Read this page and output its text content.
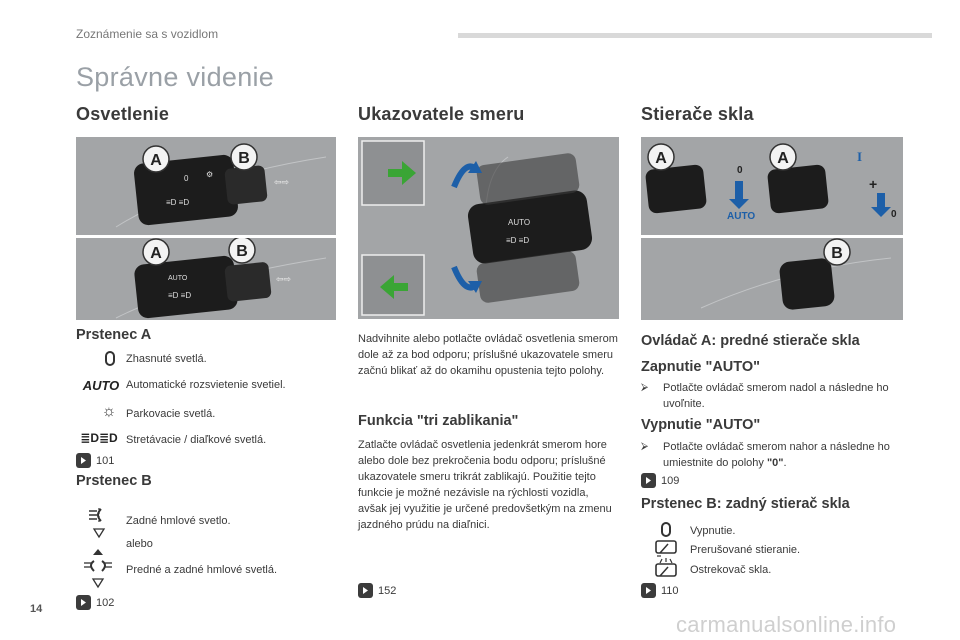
Zoznámenie sa s vozidlom
Správne videnie
Osvetlenie	Ukazovatele smeru	Stierače skla
0 ⚙
≡D ≡D
⇦⇨
A	B
AUTO
≡D ≡D
⇦⇨
A	B
Prstenec A
Zhasnuté svetlá.
AUTO Automatické rozsvietenie svetiel.
☼ Parkovacie svetlá.
≣D≣D Stretávacie / diaľkové svetlá.
101
Prstenec B
Zadné hmlové svetlo.
alebo
Predné a zadné hmlové svetlá.
102
AUTO
≡D ≡D
Nadvihnite alebo potlačte ovládač osvetlenia smerom dole až za bod odporu; príslušné ukazovatele smeru začnú blikať až do okamihu opustenia tejto polohy.
Funkcia "tri zablikania"
Zatlačte ovládač osvetlenia jedenkrát smerom hore alebo dole bez prekročenia bodu odporu; príslušné ukazovatele smeru trikrát zablikajú. Použitie tejto funkcie je možné nezávisle na rýchlosti vozidla, avšak jej využitie je určené predovšetkým na zmenu jazdného prúdu na diaľnici.
152
A	A
0
AUTO
I
+
0
B
Ovládač A: predné stierače skla
Zapnutie "AUTO"
⮚ Potlačte ovládač smerom nadol a následne ho uvoľnite.
Vypnutie "AUTO"
⮚ Potlačte ovládač smerom nahor a následne ho umiestnite do polohy "0".
109
Prstenec B: zadný stierač skla
Vypnutie.
Prerušované stieranie.
Ostrekovač skla.
110
14
carmanualsonline.info
